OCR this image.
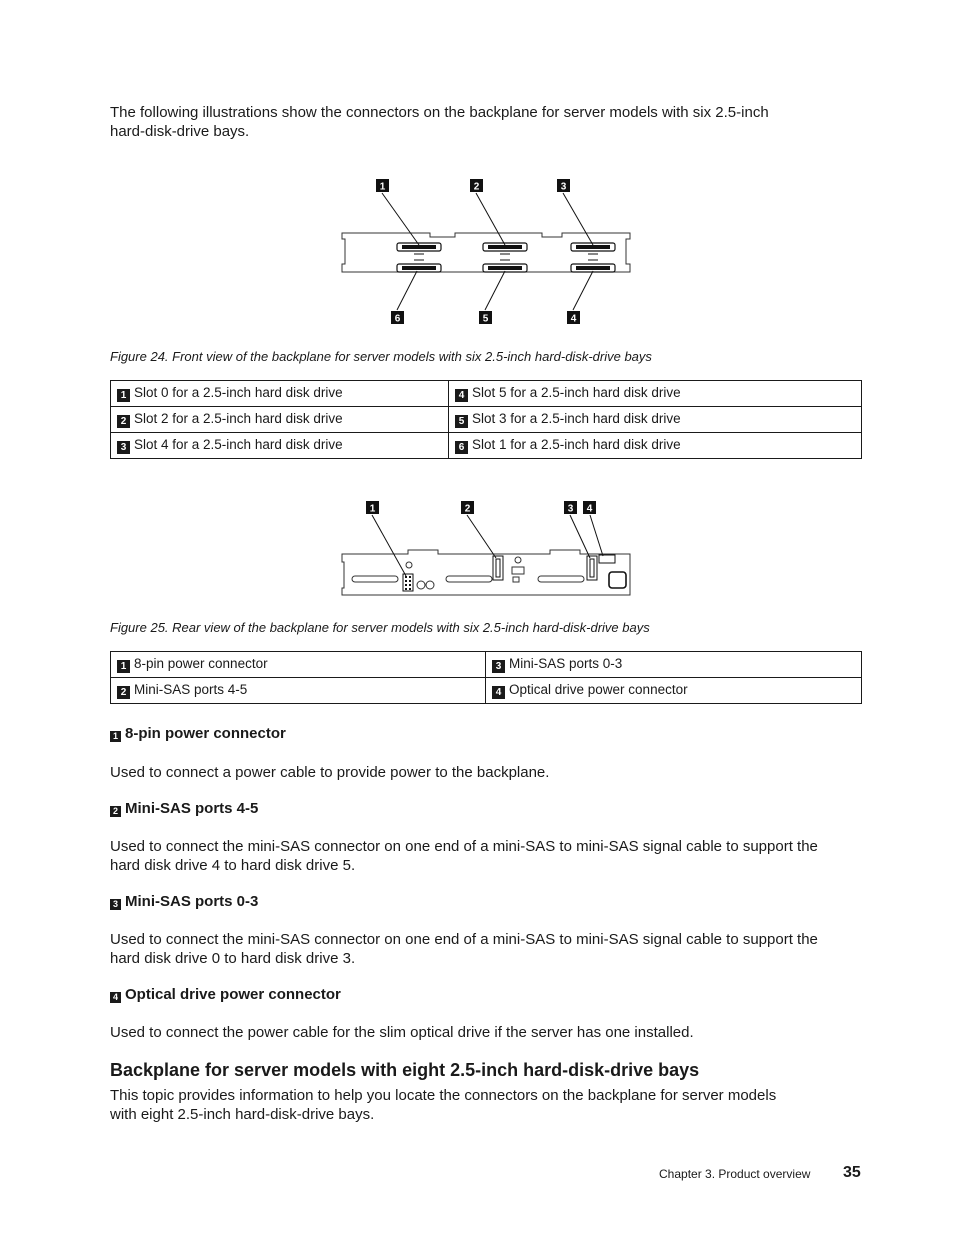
The following illustrations show the connectors on the backplane for server models with six 2.5-inch
hard-disk-drive bays.
1	2	3
6	5	4
Figure 24. Front view of the backplane for server models with six 2.5-inch hard-disk-drive bays
1 Slot 0 for a 2.5-inch hard disk drive	4 Slot 5 for a 2.5-inch hard disk drive
2 Slot 2 for a 2.5-inch hard disk drive	5 Slot 3 for a 2.5-inch hard disk drive
3 Slot 4 for a 2.5-inch hard disk drive	6 Slot 1 for a 2.5-inch hard disk drive
1	2	3 4
Figure 25. Rear view of the backplane for server models with six 2.5-inch hard-disk-drive bays
1 8-pin power connector	3 Mini-SAS ports 0-3
2 Mini-SAS ports 4-5	4 Optical drive power connector
1 8-pin power connector
Used to connect a power cable to provide power to the backplane.
2 Mini-SAS ports 4-5
Used to connect the mini-SAS connector on one end of a mini-SAS to mini-SAS signal cable to support the
hard disk drive 4 to hard disk drive 5.
3 Mini-SAS ports 0-3
Used to connect the mini-SAS connector on one end of a mini-SAS to mini-SAS signal cable to support the
hard disk drive 0 to hard disk drive 3.
4 Optical drive power connector
Used to connect the power cable for the slim optical drive if the server has one installed.
Backplane for server models with eight 2.5-inch hard-disk-drive bays
This topic provides information to help you locate the connectors on the backplane for server models
with eight 2.5-inch hard-disk-drive bays.
Chapter 3. Product overview 35
